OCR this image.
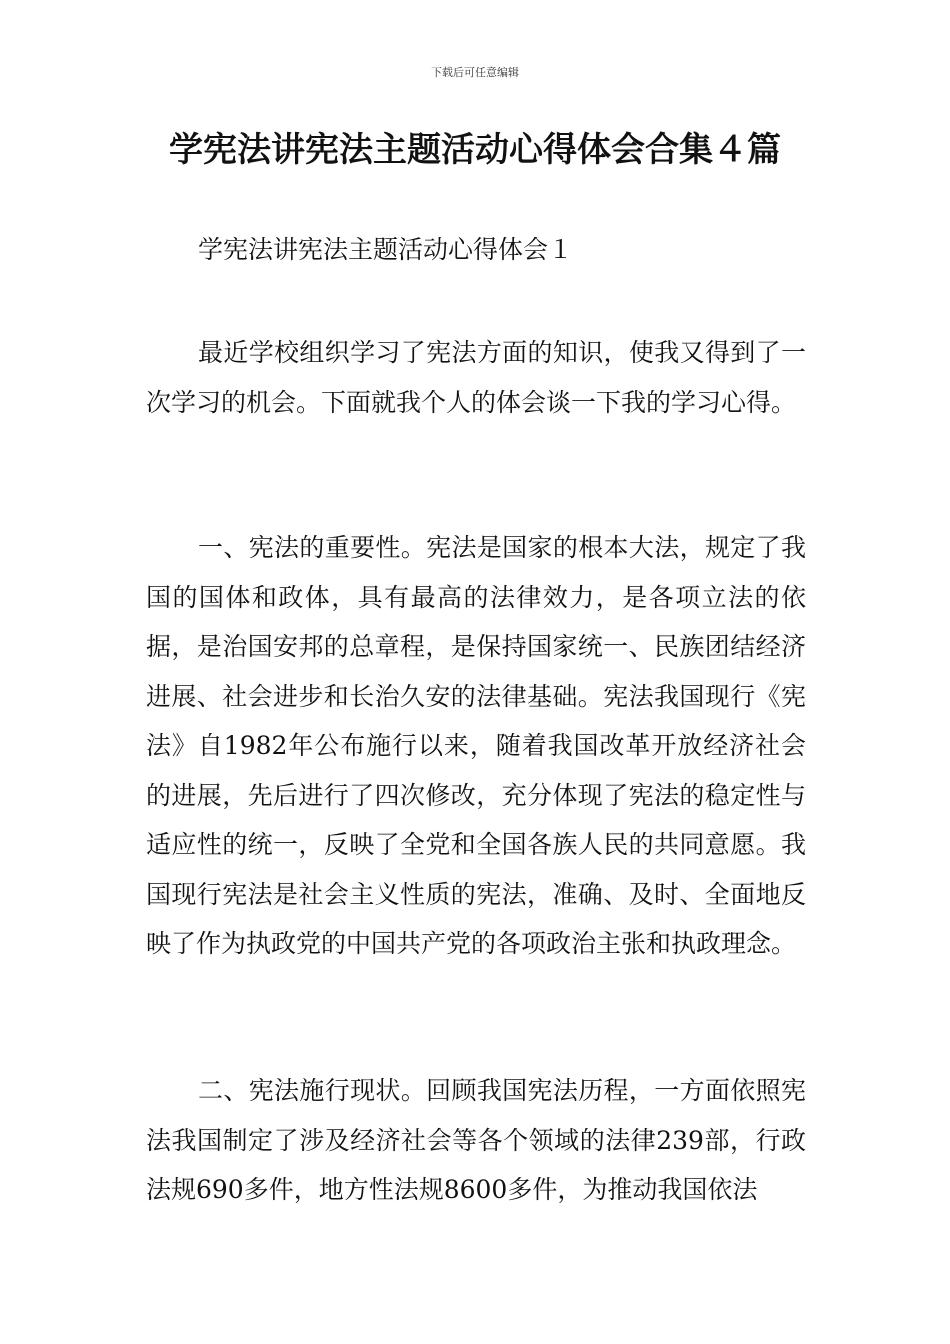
下载后可任意编辑
学宪法讲宪法主题活动心得体会合集４篇

学宪法讲宪法主题活动心得体会１

最近学校组织学习了宪法方面的知识，使我又得到了一次学习的机会。下面就我个人的体会谈一下我的学习心得。

一、宪法的重要性。宪法是国家的根本大法，规定了我国的国体和政体，具有最高的法律效力，是各项立法的依据，是治国安邦的总章程，是保持国家统一、民族团结经济进展、社会进步和长治久安的法律基础。宪法我国现行《宪法》自1982年公布施行以来，随着我国改革开放经济社会的进展，先后进行了四次修改，充分体现了宪法的稳定性与适应性的统一，反映了全党和全国各族人民的共同意愿。我国现行宪法是社会主义性质的宪法，准确、及时、全面地反映了作为执政党的中国共产党的各项政治主张和执政理念。

二、宪法施行现状。回顾我国宪法历程，一方面依照宪法我国制定了涉及经济社会等各个领域的法律239部，行政法规690多件，地方性法规8600多件，为推动我国依法
